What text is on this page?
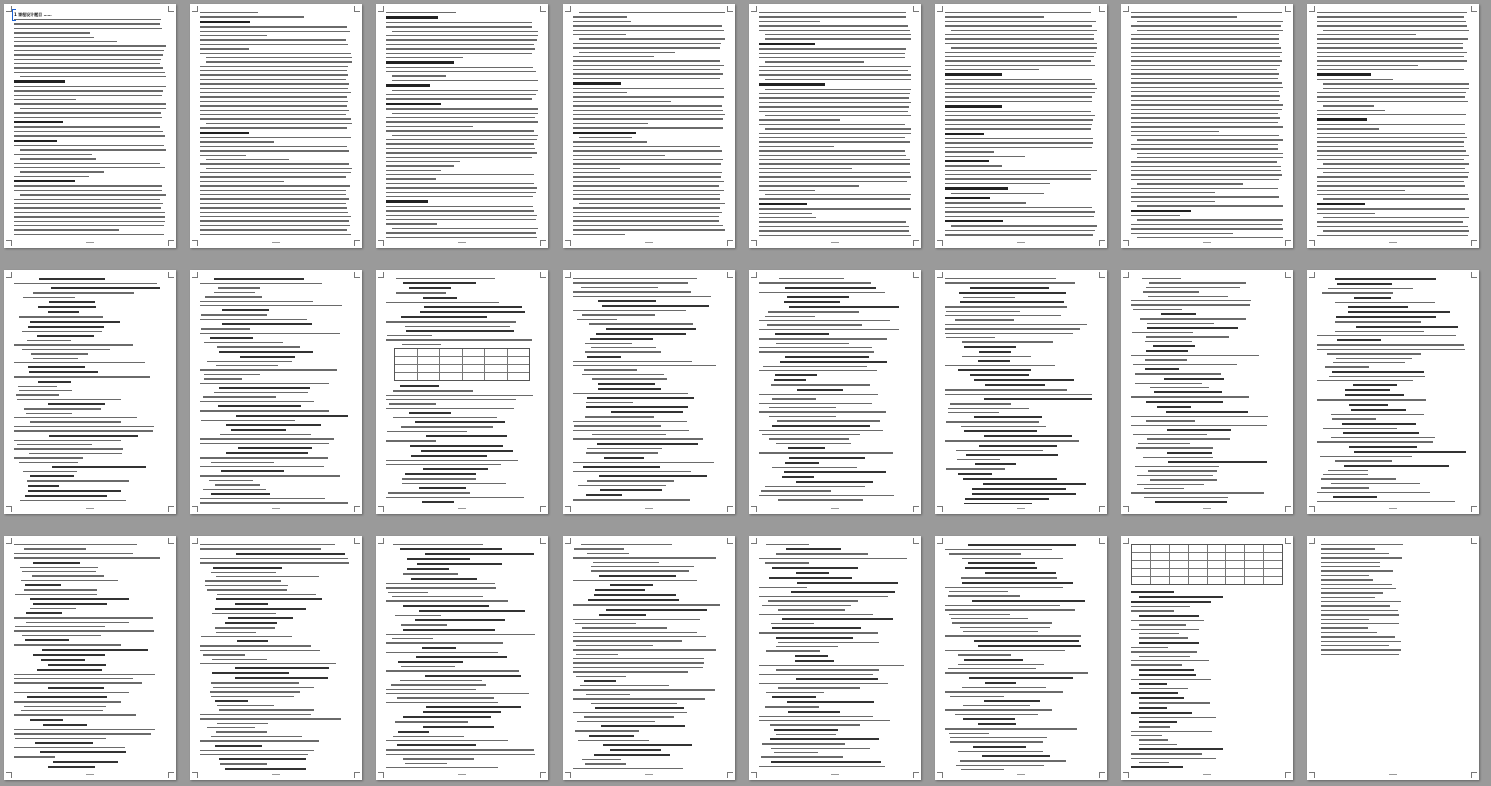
1 课程设计题目 ……
